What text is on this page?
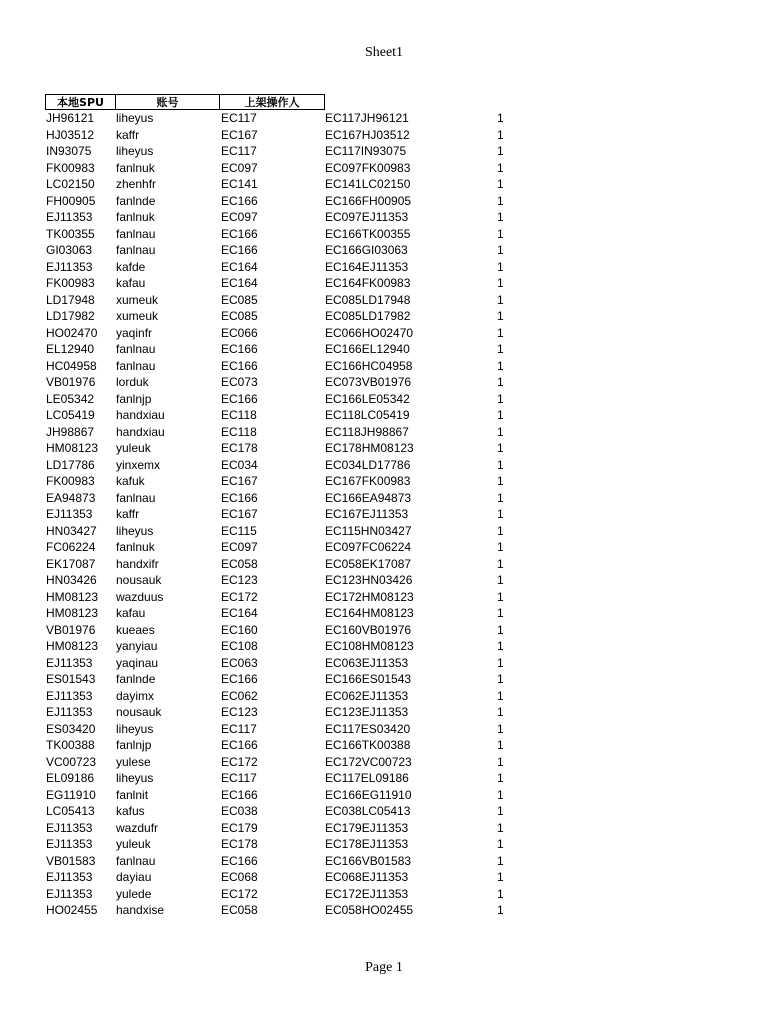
Sheet1
本地SPU	账号	上架操作人
JH96121 liheyus	EC117	EC117JH96121	1
HJ03512 kaffr	EC167	EC167HJ03512	1
IN93075 liheyus	EC117	EC117IN93075	1
FK00983 fanlnuk	EC097	EC097FK00983	1
LC02150 zhenhfr	EC141	EC141LC02150	1
FH00905 fanlnde	EC166	EC166FH00905	1
EJ11353 fanlnuk	EC097	EC097EJ11353	1
TK00355 fanlnau	EC166	EC166TK00355	1
GI03063 fanlnau	EC166	EC166GI03063	1
EJ11353 kafde	EC164	EC164EJ11353	1
FK00983 kafau	EC164	EC164FK00983	1
LD17948 xumeuk	EC085	EC085LD17948	1
LD17982 xumeuk	EC085	EC085LD17982	1
HO02470 yaqinfr	EC066	EC066HO02470	1
EL12940 fanlnau	EC166	EC166EL12940	1
HC04958 fanlnau	EC166	EC166HC04958	1
VB01976 lorduk	EC073	EC073VB01976	1
LE05342 fanlnjp	EC166	EC166LE05342	1
LC05419 handxiau	EC118	EC118LC05419	1
JH98867 handxiau	EC118	EC118JH98867	1
HM08123 yuleuk	EC178	EC178HM08123	1
LD17786 yinxemx	EC034	EC034LD17786	1
FK00983 kafuk	EC167	EC167FK00983	1
EA94873 fanlnau	EC166	EC166EA94873	1
EJ11353 kaffr	EC167	EC167EJ11353	1
HN03427 liheyus	EC115	EC115HN03427	1
FC06224 fanlnuk	EC097	EC097FC06224	1
EK17087 handxifr	EC058	EC058EK17087	1
HN03426 nousauk	EC123	EC123HN03426	1
HM08123 wazduus	EC172	EC172HM08123	1
HM08123 kafau	EC164	EC164HM08123	1
VB01976 kueaes	EC160	EC160VB01976	1
HM08123 yanyiau	EC108	EC108HM08123	1
EJ11353 yaqinau	EC063	EC063EJ11353	1
ES01543 fanlnde	EC166	EC166ES01543	1
EJ11353 dayimx	EC062	EC062EJ11353	1
EJ11353 nousauk	EC123	EC123EJ11353	1
ES03420 liheyus	EC117	EC117ES03420	1
TK00388 fanlnjp	EC166	EC166TK00388	1
VC00723 yulese	EC172	EC172VC00723	1
EL09186 liheyus	EC117	EC117EL09186	1
EG11910 fanlnit	EC166	EC166EG11910	1
LC05413 kafus	EC038	EC038LC05413	1
EJ11353 wazdufr	EC179	EC179EJ11353	1
EJ11353 yuleuk	EC178	EC178EJ11353	1
VB01583 fanlnau	EC166	EC166VB01583	1
EJ11353 dayiau	EC068	EC068EJ11353	1
EJ11353 yulede	EC172	EC172EJ11353	1
HO02455 handxise	EC058	EC058HO02455	1
Page 1
